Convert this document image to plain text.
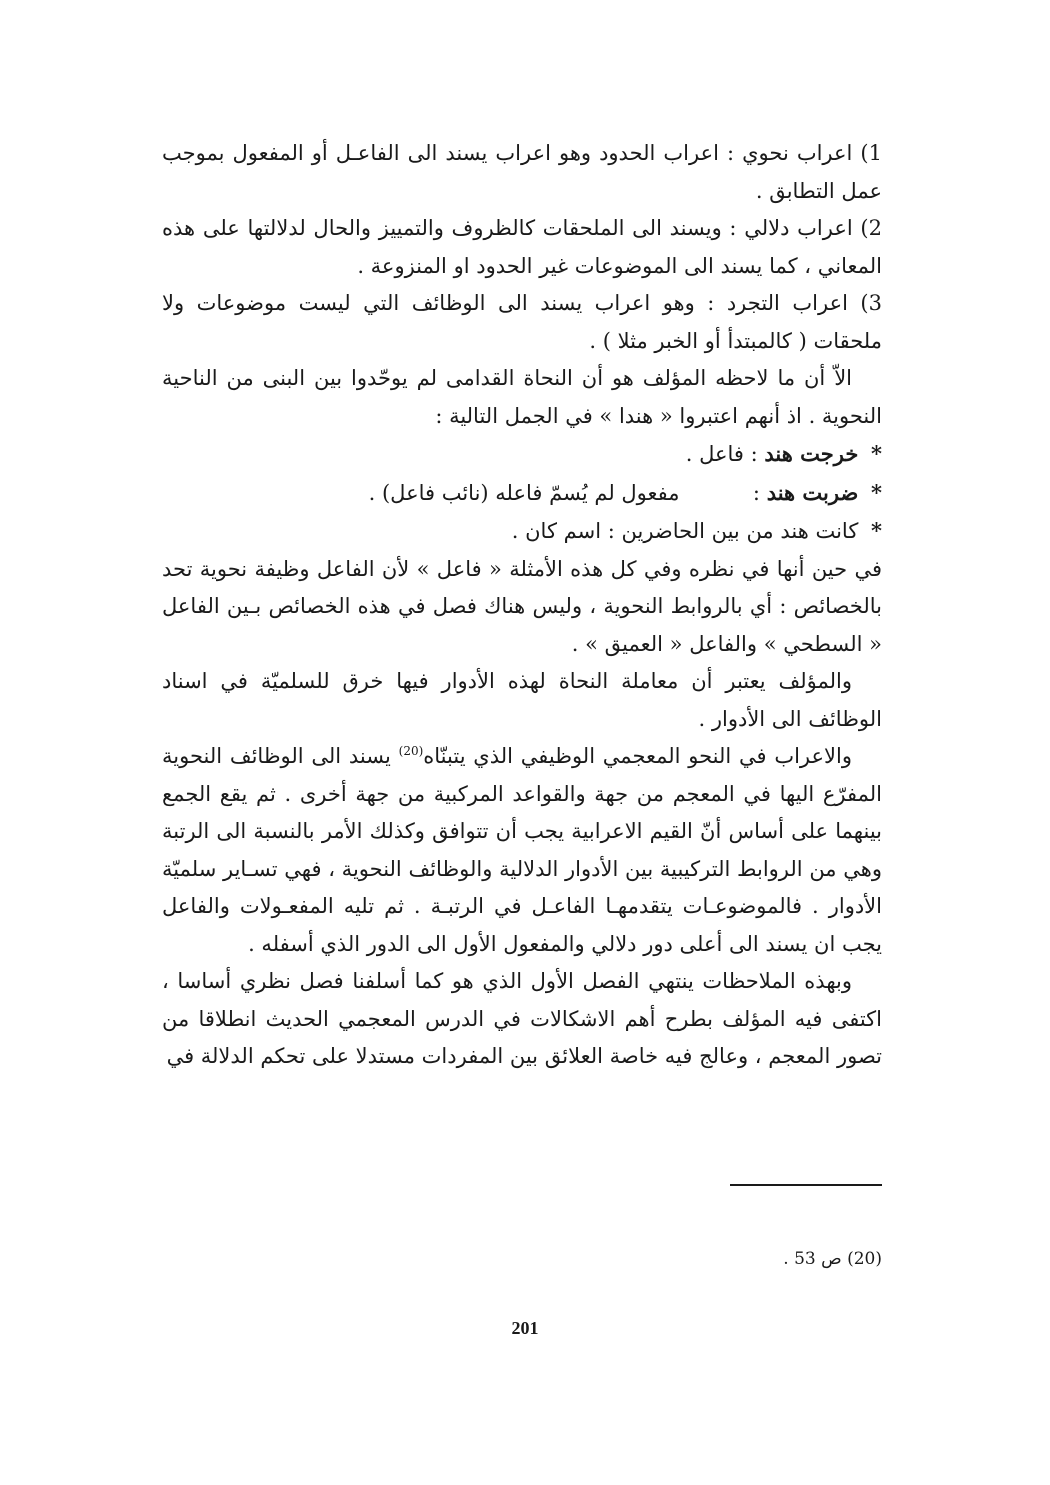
1) اعراب نحوي : اعراب الحدود وهو اعراب يسند الى الفاعـل أو المفعول بموجب عمل التطابق .

2) اعراب دلالي : ويسند الى الملحقات كالظروف والتمييز والحال لدلالتها على هذه المعاني ، كما يسند الى الموضوعات غير الحدود او المنزوعة .

3) اعراب التجرد : وهو اعراب يسند الى الوظائف التي ليست موضوعات ولا ملحقات ( كالمبتدأ أو الخبر مثلا ) .

الاّ أن ما لاحظه المؤلف هو أن النحاة القدامى لم يوحّدوا بين البنى من الناحية النحوية . اذ أنهم اعتبروا « هندا » في الجمل التالية :

* خرجت هند : فاعل .

* ضربت هند :  مفعول لم يُسمّ فاعله (نائب فاعل) .

* كانت هند من بين الحاضرين : اسم كان .

في حين أنها في نظره وفي كل هذه الأمثلة « فاعل » لأن الفاعل وظيفة نحوية تحد بالخصائص : أي بالروابط النحوية ، وليس هناك فصل في هذه الخصائص بـين الفاعل « السطحي » والفاعل « العميق » .

والمؤلف يعتبر أن معاملة النحاة لهذه الأدوار فيها خرق للسلميّة في اسناد الوظائف الى الأدوار .

والاعراب في النحو المعجمي الوظيفي الذي يتبنّاه$^{(20)}$ يسند الى الوظائف النحوية المفرّع اليها في المعجم من جهة والقواعد المركبية من جهة أخرى . ثم يقع الجمع بينهما على أساس أنّ القيم الاعرابية يجب أن تتوافق وكذلك الأمر بالنسبة الى الرتبة وهي من الروابط التركيبية بين الأدوار الدلالية والوظائف النحوية ، فهي تسـاير سلميّة الأدوار . فالموضوعـات يتقدمهـا الفاعـل في الرتبـة . ثم تليه المفعـولات والفاعل يجب ان يسند الى أعلى دور دلالي والمفعول الأول الى الدور الذي أسفله .

وبهذه الملاحظات ينتهي الفصل الأول الذي هو كما أسلفنا فصل نظري أساسا ، اكتفى فيه المؤلف بطرح أهم الاشكالات في الدرس المعجمي الحديث انطلاقا من تصور المعجم ، وعالج فيه خاصة العلائق بين المفردات مستدلا على تحكم الدلالة في

(20) ص 53 .
201
